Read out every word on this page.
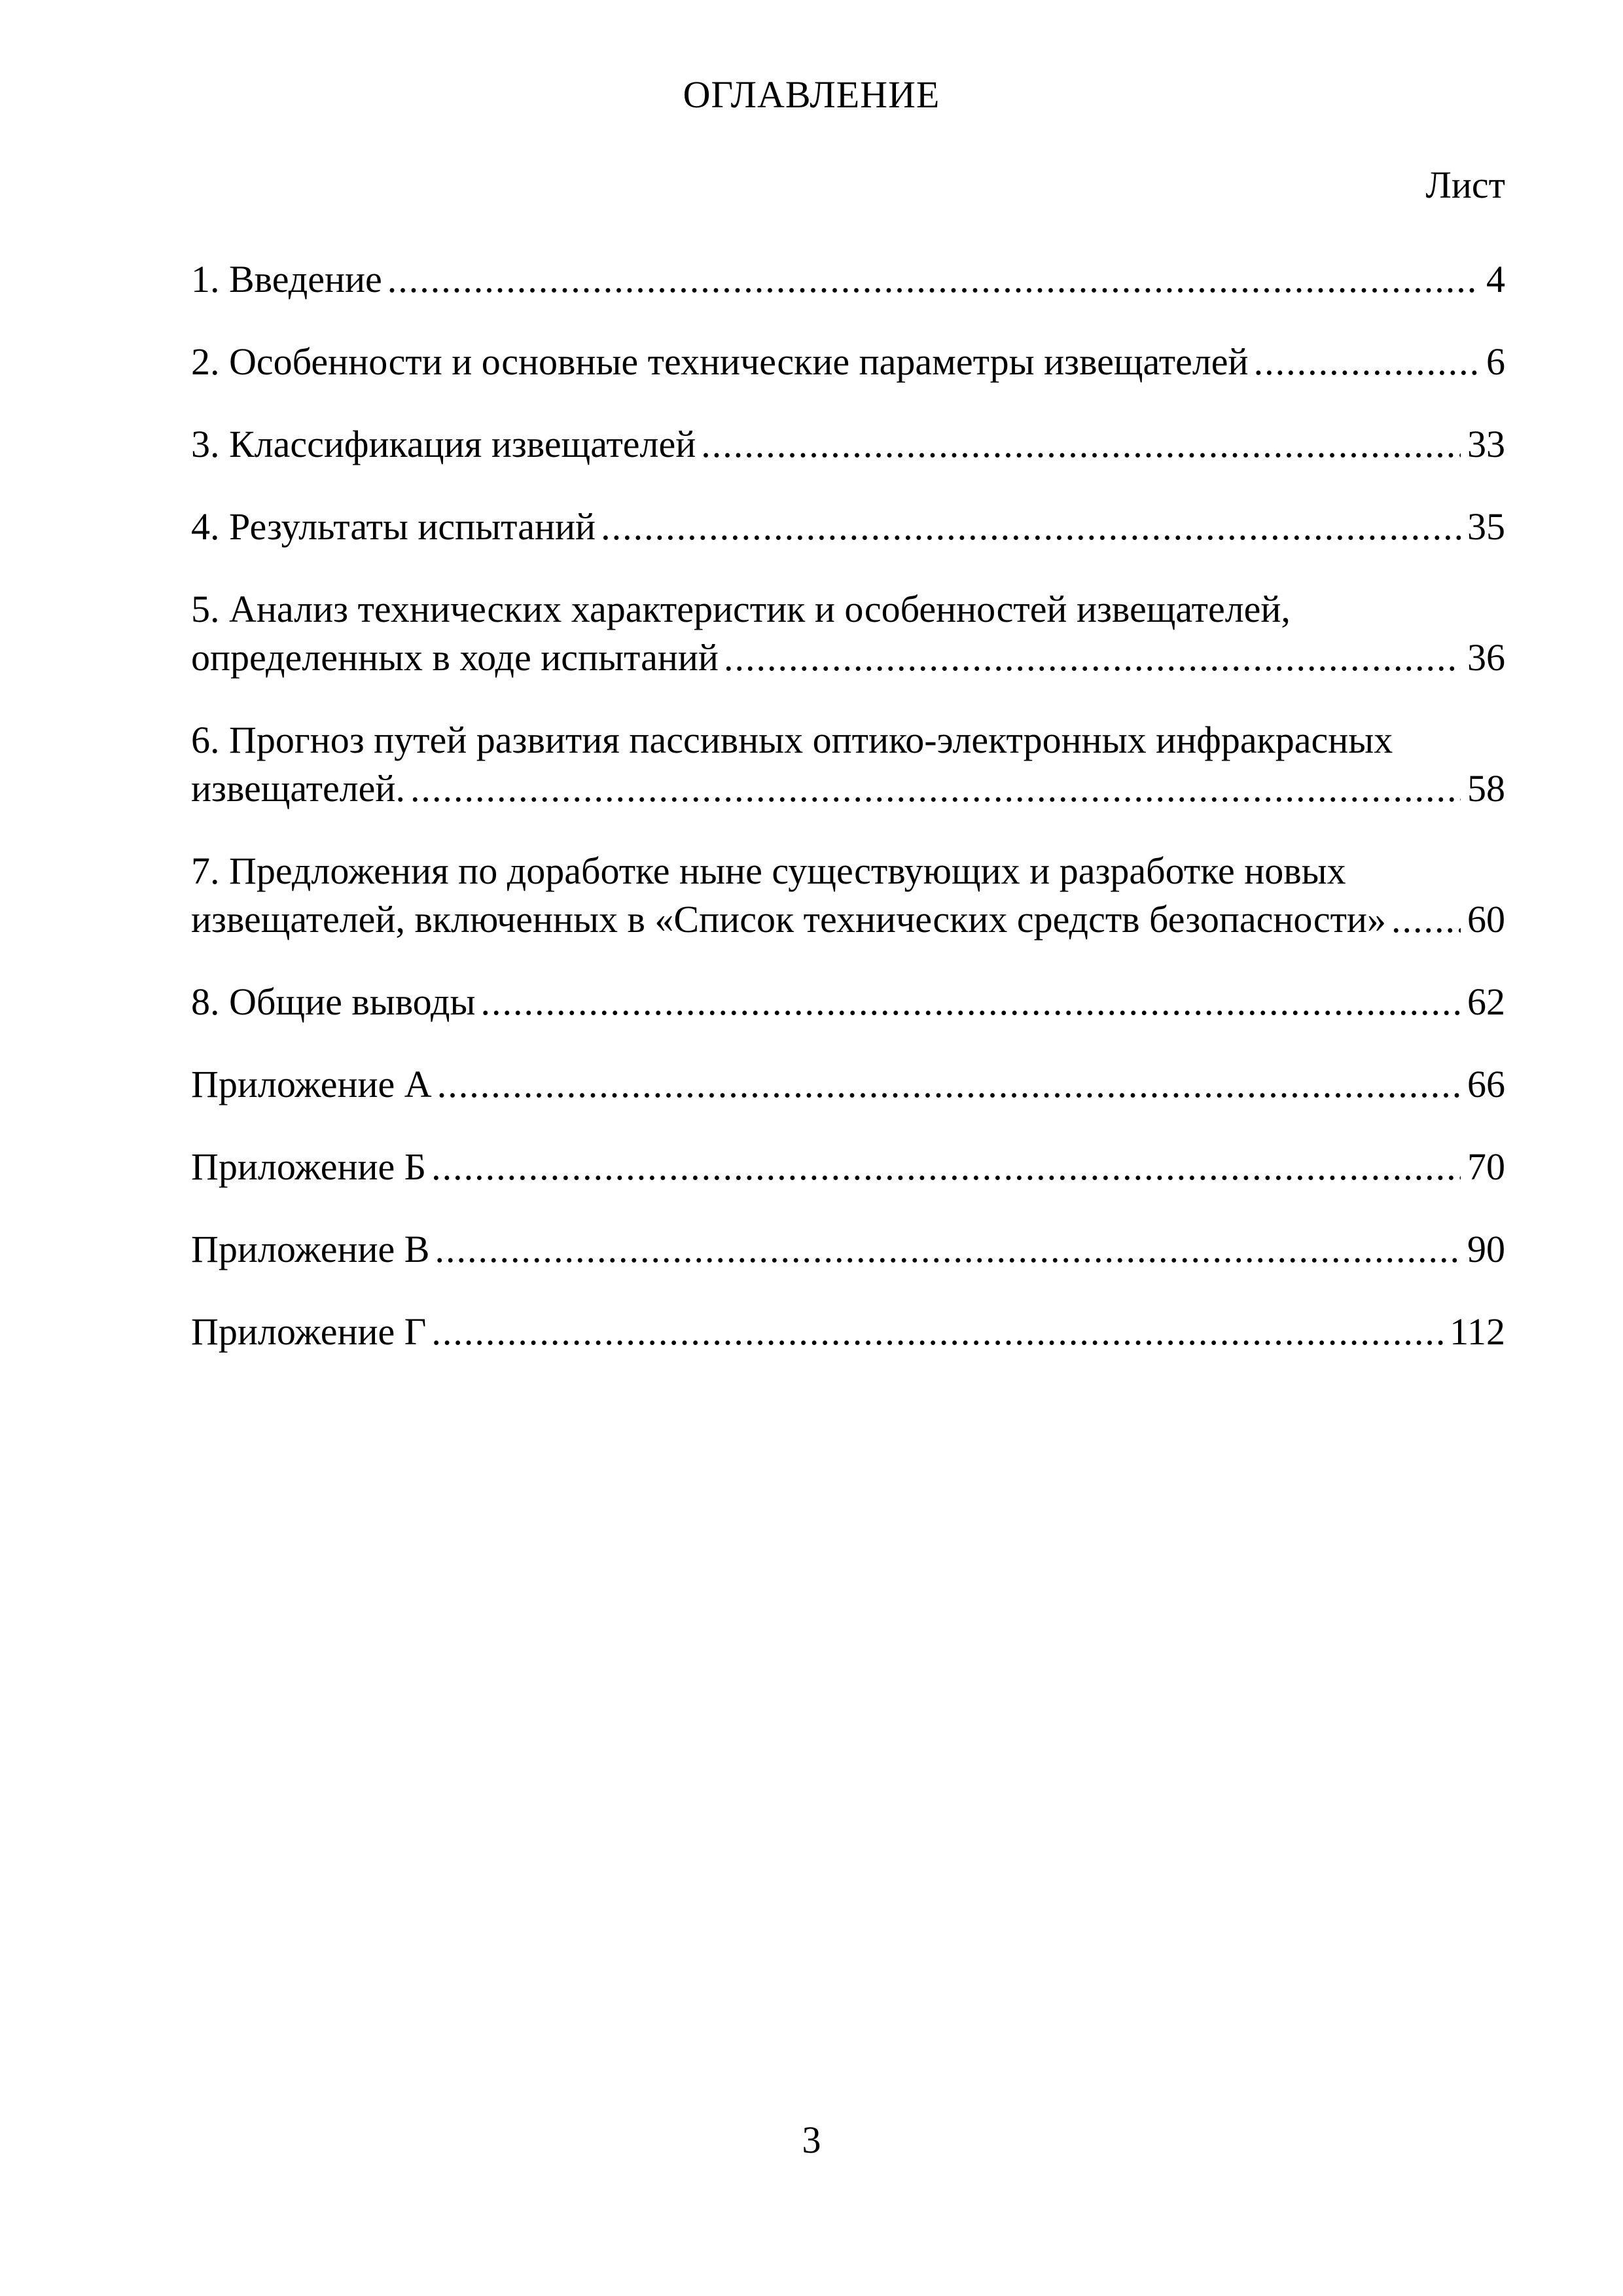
ОГЛАВЛЕНИЕ
Лист
1. Введение .....	4
2. Особенности и основные технические параметры извещателей .....	6
3. Классификация извещателей .....	33
4. Результаты испытаний .....	35
5. Анализ технических характеристик и особенностей извещателей,
определенных в ходе испытаний .....	36
6. Прогноз путей развития пассивных оптико-электронных инфракрасных
извещателей. .....	58
7. Предложения по доработке ныне существующих и разработке новых
извещателей, включенных в «Список технических средств безопасности» ..... 60
8. Общие выводы .....	62
Приложение А .....	66
Приложение Б .....	70
Приложение В .....	90
Приложение Г .....	112
3
